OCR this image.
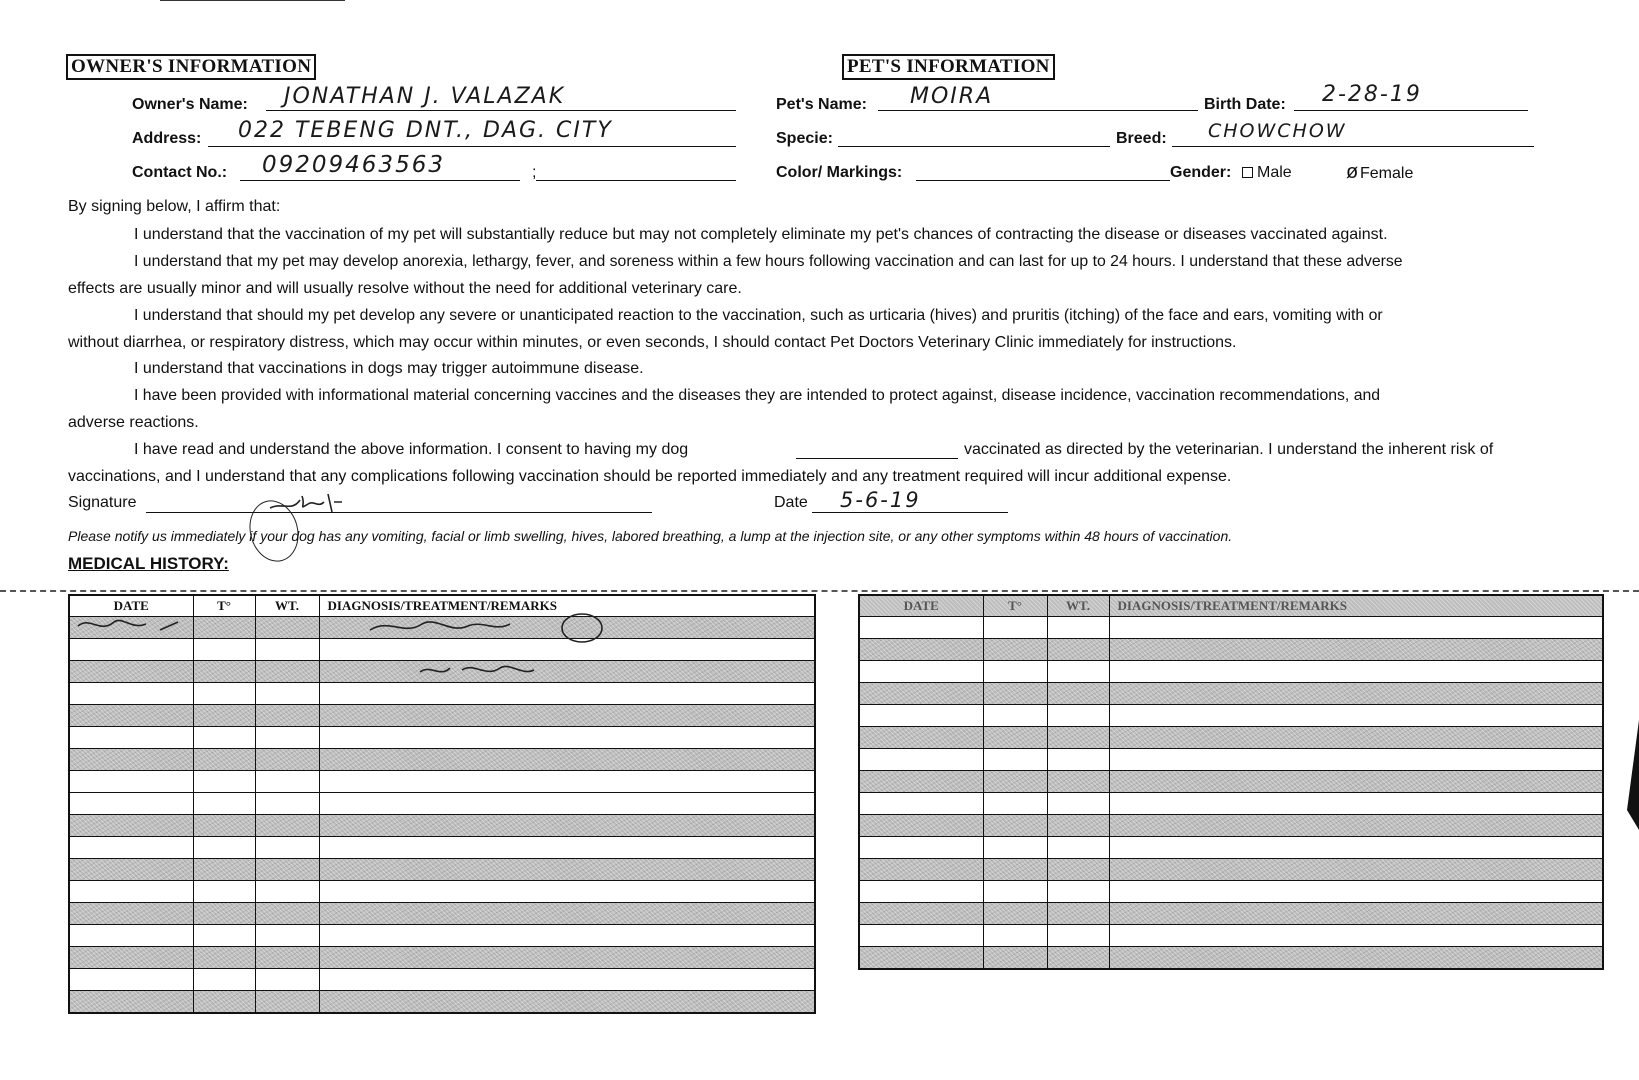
OWNER'S INFORMATION
Owner's Name: JONATHAN J. VALAZAK
Address: 022 TEBENG DNT., DAG. CITY
Contact No.: 09209463563	;
PET'S INFORMATION
Pet's Name: MOIRA	Birth Date: 2-28-19
Specie:	Breed: CHOWCHOW
Color/ Markings:	Gender:	Male	ø Female
By signing below, I affirm that:
I understand that the vaccination of my pet will substantially reduce but may not completely eliminate my pet's chances of contracting the disease or diseases vaccinated against.
I understand that my pet may develop anorexia, lethargy, fever, and soreness within a few hours following vaccination and can last for up to 24 hours. I understand that these adverse
effects are usually minor and will usually resolve without the need for additional veterinary care.
I understand that should my pet develop any severe or unanticipated reaction to the vaccination, such as urticaria (hives) and pruritis (itching) of the face and ears, vomiting with or
without diarrhea, or respiratory distress, which may occur within minutes, or even seconds, I should contact Pet Doctors Veterinary Clinic immediately for instructions.
I understand that vaccinations in dogs may trigger autoimmune disease.
I have been provided with informational material concerning vaccines and the diseases they are intended to protect against, disease incidence, vaccination recommendations, and
adverse reactions.
I have read and understand the above information. I consent to having my dog	vaccinated as directed by the veterinarian. I understand the inherent risk of
vaccinations, and I understand that any complications following vaccination should be reported immediately and any treatment required will incur additional expense.
Signature	Date 5-6-19
Please notify us immediately if your dog has any vomiting, facial or limb swelling, hives, labored breathing, a lump at the injection site, or any other symptoms within 48 hours of vaccination.
MEDICAL HISTORY:
DATE	T°	WT.	DIAGNOSIS/TREATMENT/REMARKS

				DATE	T°	WT.	DIAGNOSIS/TREATMENT/REMARKS
